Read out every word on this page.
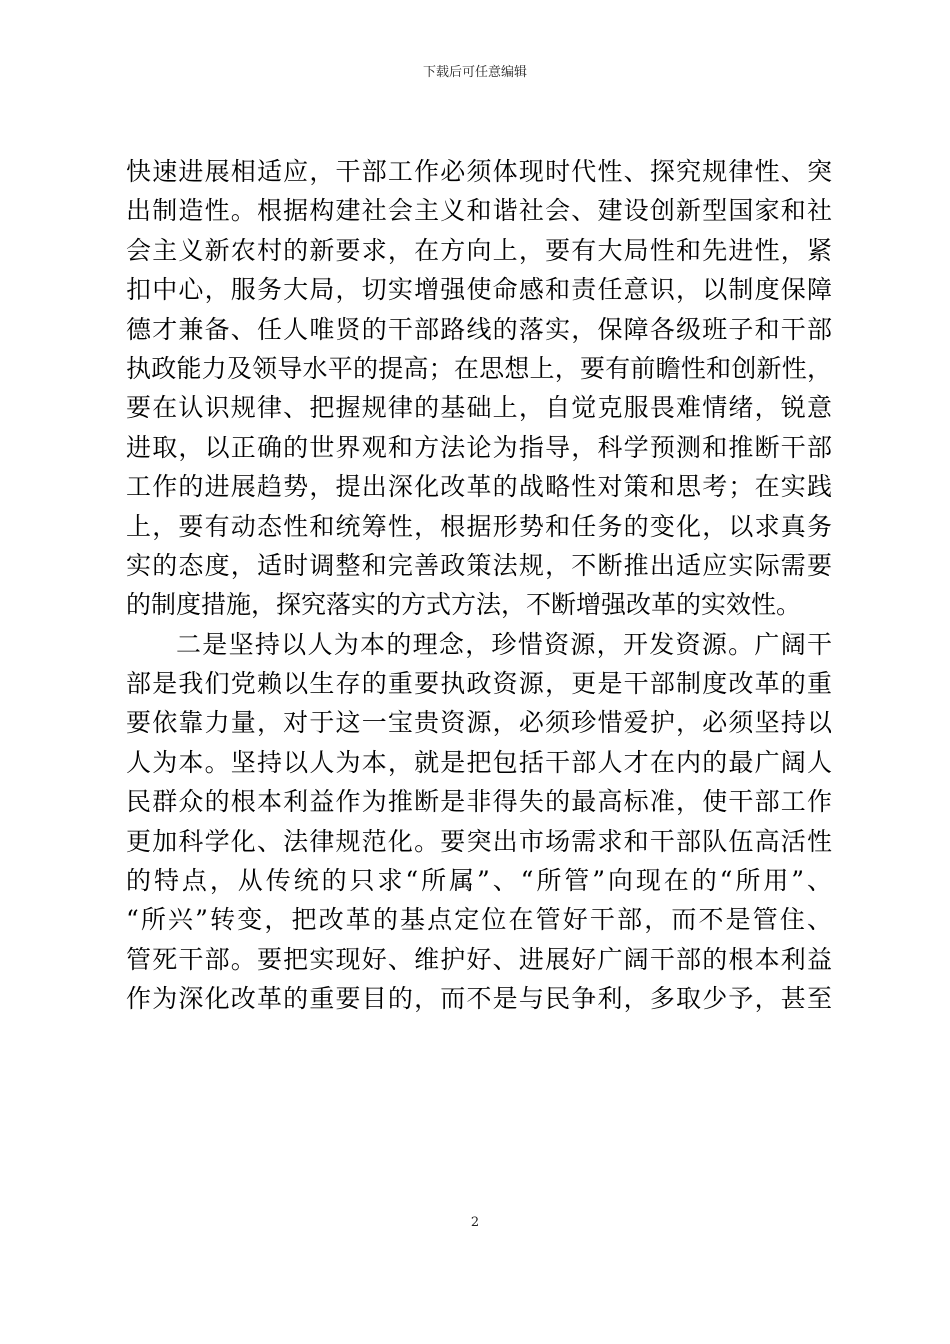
下载后可任意编辑
快速进展相适应，干部工作必须体现时代性、探究规律性、突
出制造性。根据构建社会主义和谐社会、建设创新型国家和社
会主义新农村的新要求，在方向上，要有大局性和先进性，紧
扣中心，服务大局，切实增强使命感和责任意识，以制度保障
德才兼备、任人唯贤的干部路线的落实，保障各级班子和干部
执政能力及领导水平的提高；在思想上，要有前瞻性和创新性，
要在认识规律、把握规律的基础上，自觉克服畏难情绪，锐意
进取，以正确的世界观和方法论为指导，科学预测和推断干部
工作的进展趋势，提出深化改革的战略性对策和思考；在实践
上，要有动态性和统筹性，根据形势和任务的变化，以求真务
实的态度，适时调整和完善政策法规，不断推出适应实际需要
的制度措施，探究落实的方式方法，不断增强改革的实效性。
二是坚持以人为本的理念，珍惜资源，开发资源。广阔干
部是我们党赖以生存的重要执政资源，更是干部制度改革的重
要依靠力量，对于这一宝贵资源，必须珍惜爱护，必须坚持以
人为本。坚持以人为本，就是把包括干部人才在内的最广阔人
民群众的根本利益作为推断是非得失的最高标准，使干部工作
更加科学化、法律规范化。要突出市场需求和干部队伍高活性
的特点，从传统的只求“所属”、“所管”向现在的“所用”、
“所兴”转变，把改革的基点定位在管好干部，而不是管住、
管死干部。要把实现好、维护好、进展好广阔干部的根本利益
作为深化改革的重要目的，而不是与民争利，多取少予，甚至
2
